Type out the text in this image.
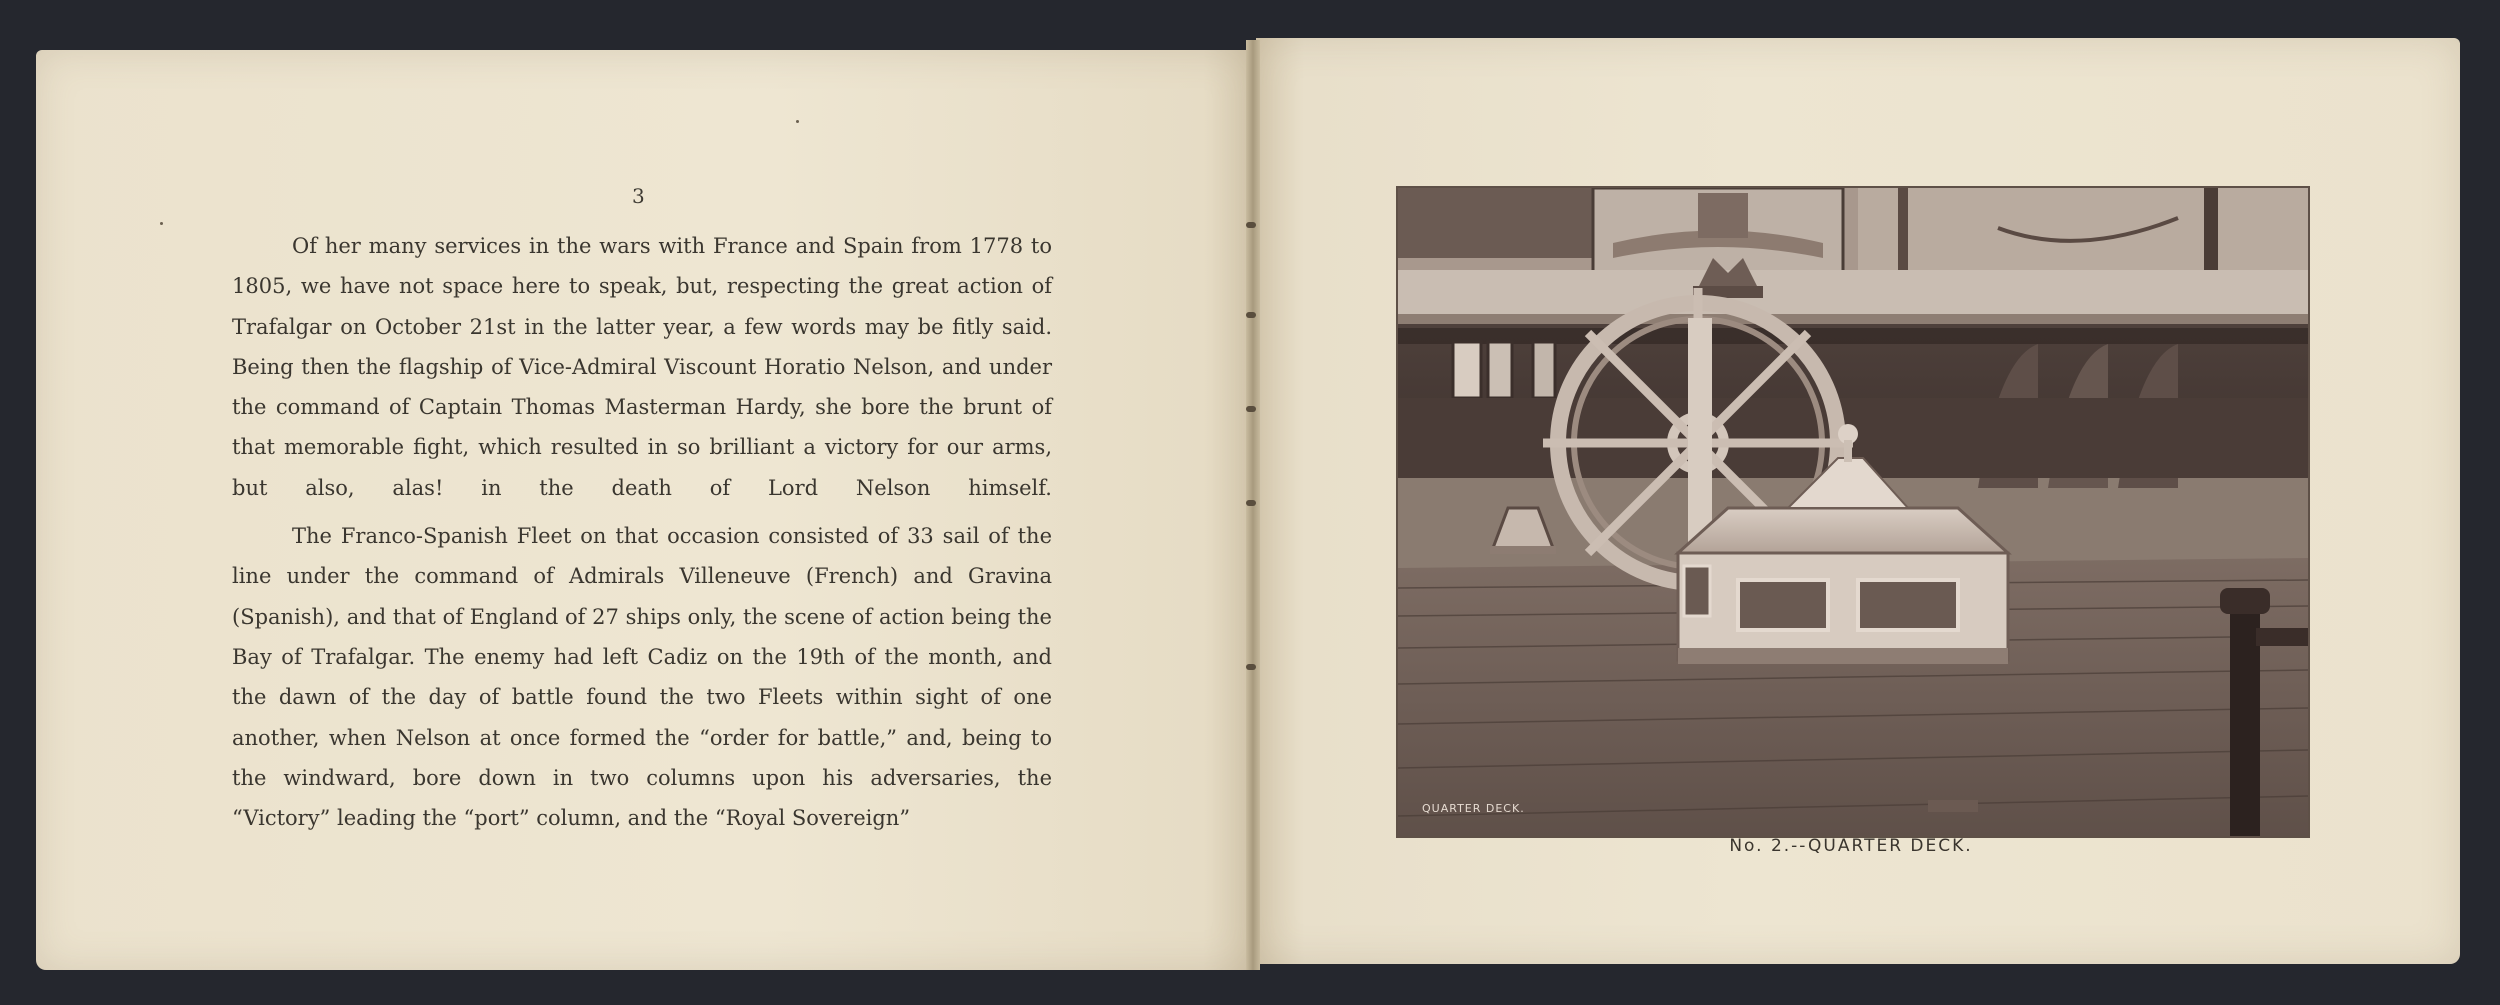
3

Of her many services in the wars with France and Spain from 1778 to 1805, we have not space here to speak, but, respecting the great action of Trafalgar on October 21st in the latter year, a few words may be fitly said. Being then the flagship of Vice-Admiral Viscount Horatio Nelson, and under the command of Captain Thomas Masterman Hardy, she bore the brunt of that memorable fight, which resulted in so brilliant a victory for our arms, but also, alas! in the death of Lord Nelson himself.

The Franco-Spanish Fleet on that occasion consisted of 33 sail of the line under the command of Admirals Villeneuve (French) and Gravina (Spanish), and that of England of 27 ships only, the scene of action being the Bay of Trafalgar. The enemy had left Cadiz on the 19th of the month, and the dawn of the day of battle found the two Fleets within sight of one another, when Nelson at once formed the “order for battle,” and, being to the windward, bore down in two columns upon his adversaries, the “Victory” leading the “port” column, and the “Royal Sovereign”	QUARTER DECK.
No. 2.--QUARTER DECK.
